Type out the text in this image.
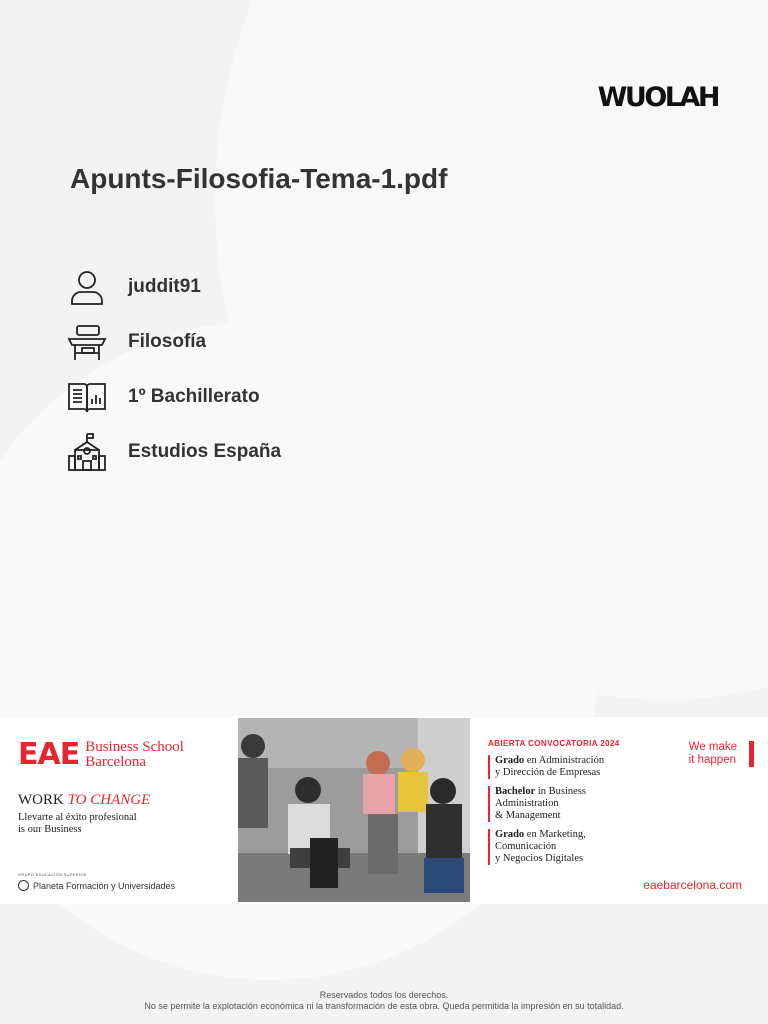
WUOLAH
Apunts-Filosofia-Tema-1.pdf
juddit91
Filosofía
1º Bachillerato
Estudios España
EAE Business School
Barcelona
WORK TO CHANGE
Llevarte al éxito profesional
is our Business
GRUPO EDUCACIÓN SUPERIOR
Planeta Formación y Universidades
ABIERTA CONVOCATORIA 2024
Grado en Administración
y Dirección de Empresas
Bachelor in Business
Administration
& Management
Grado en Marketing,
Comunicación
y Negocios Digitales
We make
it happen
eaebarcelona.com
Reservados todos los derechos.
No se permite la explotación económica ni la transformación de esta obra. Queda permitida la impresión en su totalidad.
